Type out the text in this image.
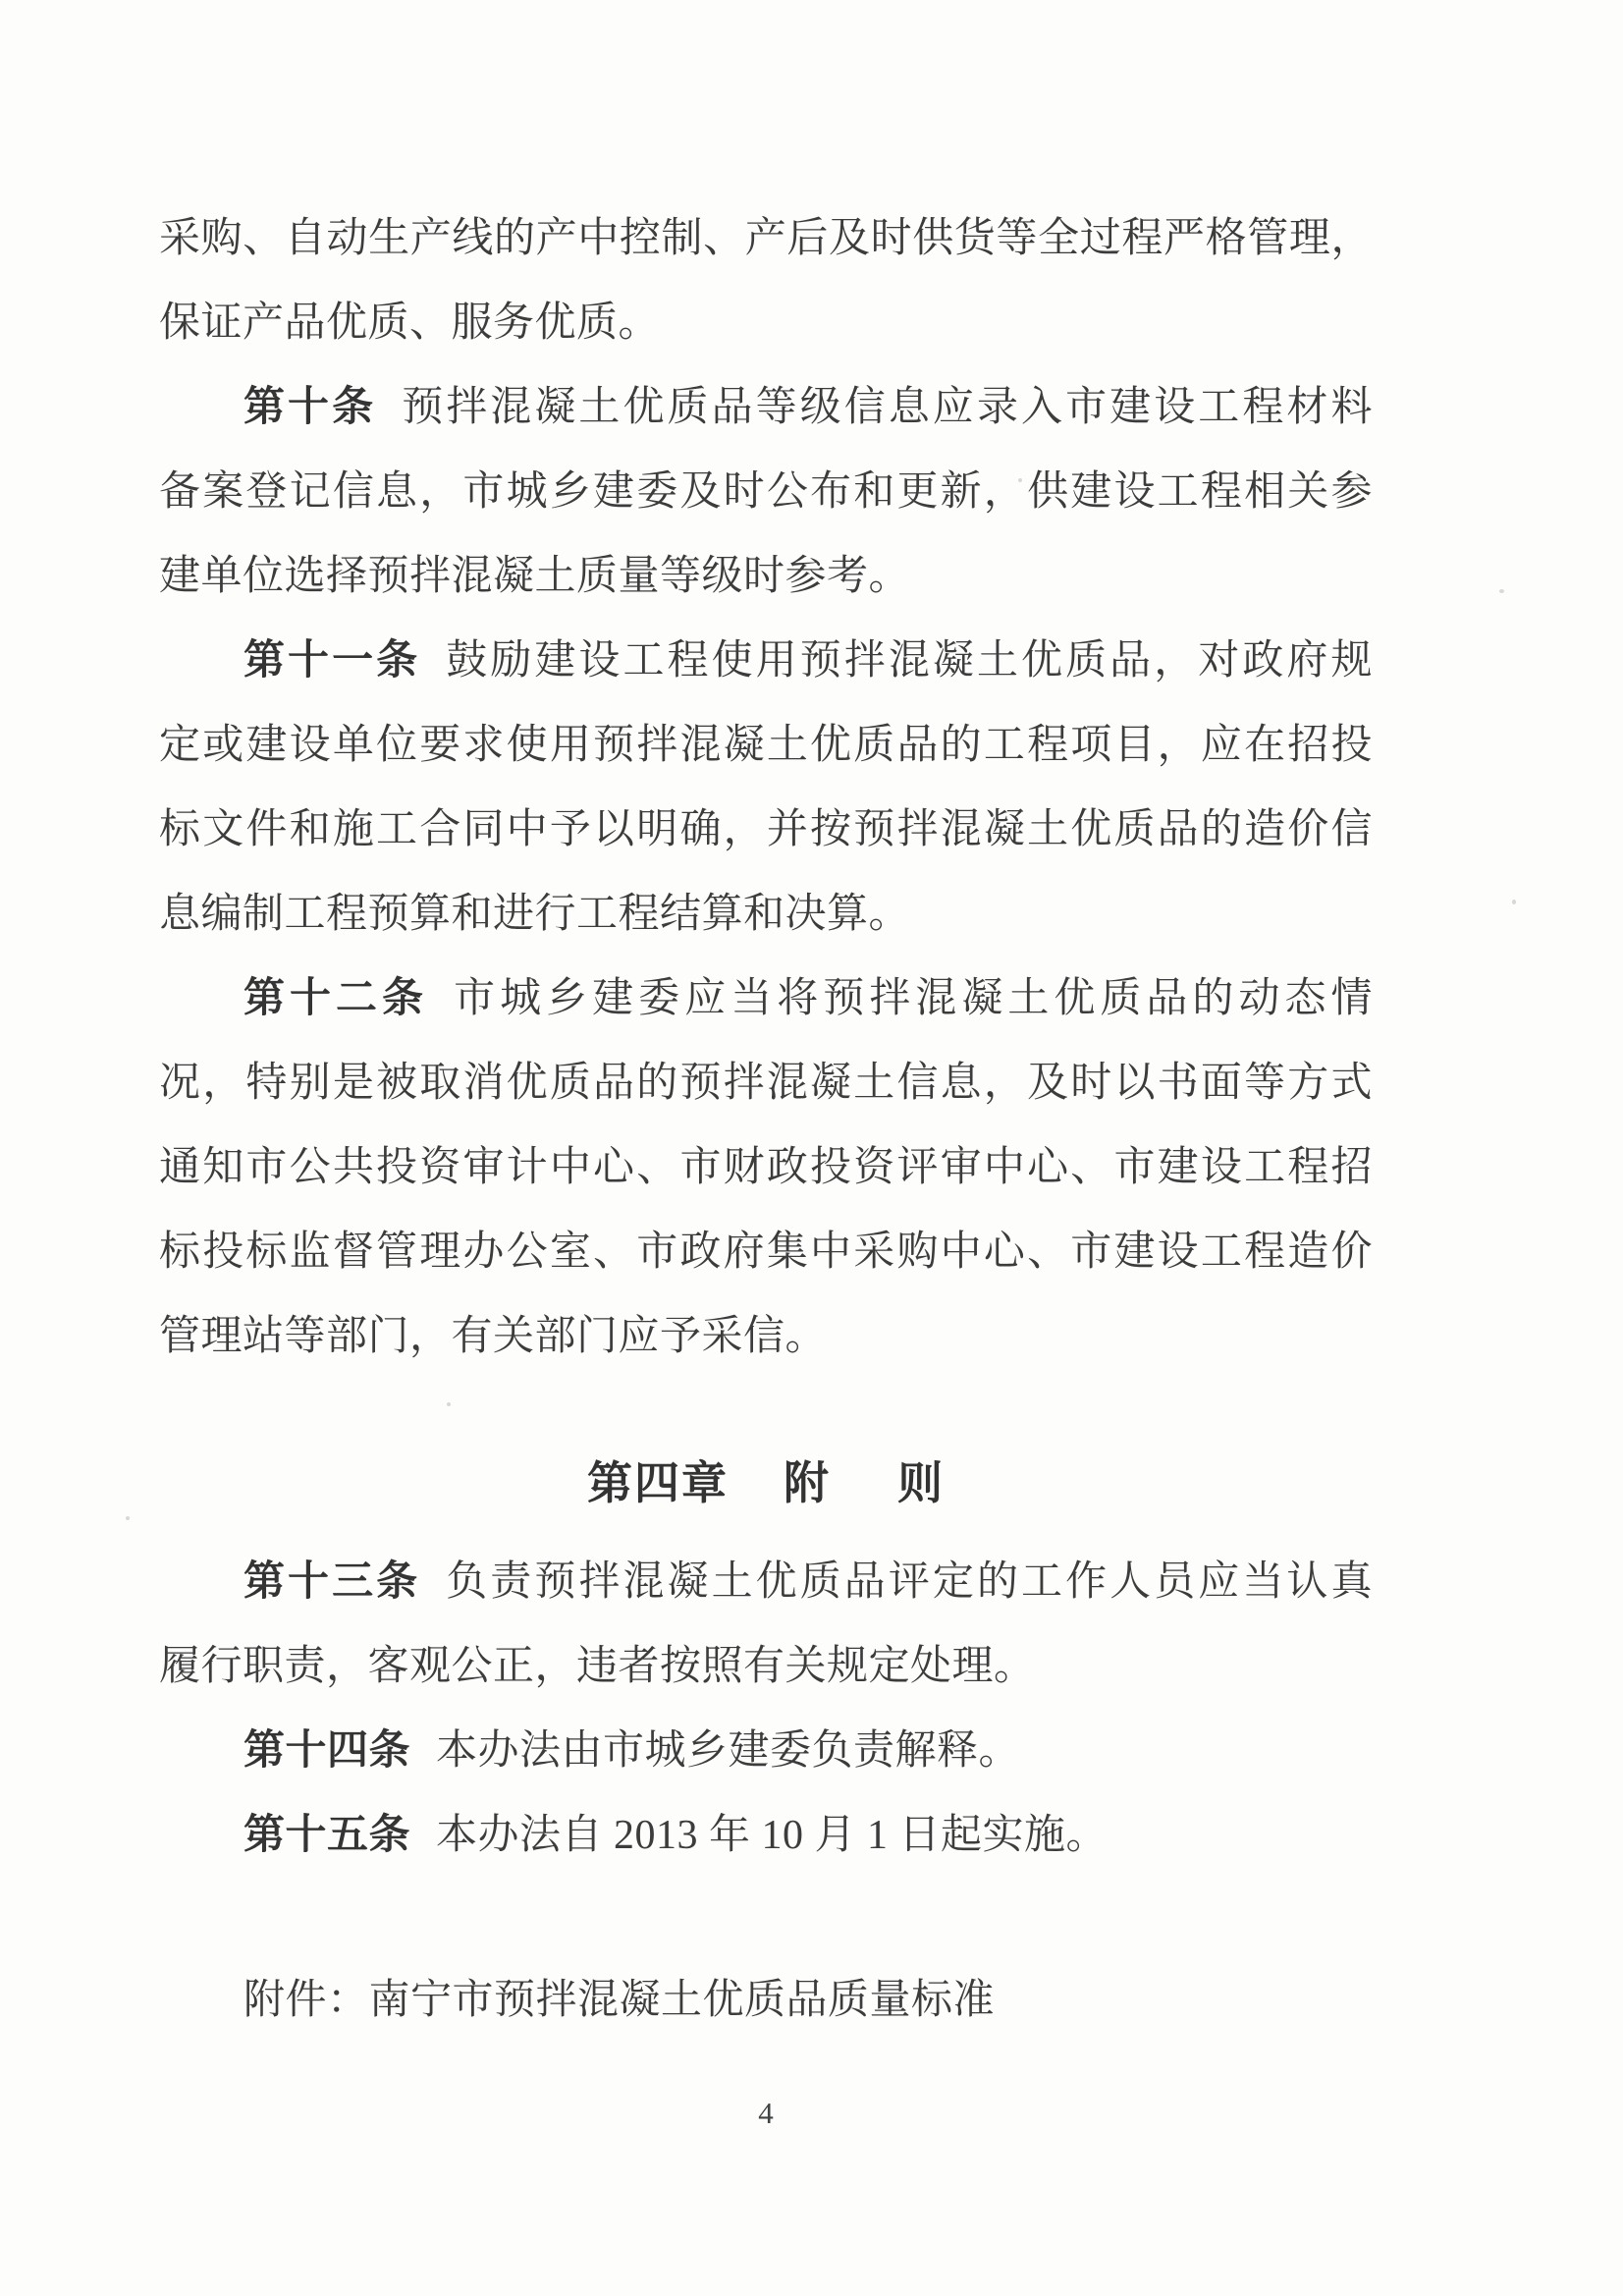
采购、自动生产线的产中控制、产后及时供货等全过程严格管理，
保证产品优质、服务优质。
第十条 预拌混凝土优质品等级信息应录入市建设工程材料
备案登记信息，市城乡建委及时公布和更新，供建设工程相关参
建单位选择预拌混凝土质量等级时参考。
第十一条 鼓励建设工程使用预拌混凝土优质品，对政府规
定或建设单位要求使用预拌混凝土优质品的工程项目，应在招投
标文件和施工合同中予以明确，并按预拌混凝土优质品的造价信
息编制工程预算和进行工程结算和决算。
第十二条 市城乡建委应当将预拌混凝土优质品的动态情
况，特别是被取消优质品的预拌混凝土信息，及时以书面等方式
通知市公共投资审计中心、市财政投资评审中心、市建设工程招
标投标监督管理办公室、市政府集中采购中心、市建设工程造价
管理站等部门，有关部门应予采信。
第四章 附 则
第十三条 负责预拌混凝土优质品评定的工作人员应当认真
履行职责，客观公正，违者按照有关规定处理。
第十四条 本办法由市城乡建委负责解释。
第十五条 本办法自 2013 年 10 月 1 日起实施。
附件：南宁市预拌混凝土优质品质量标准
4
